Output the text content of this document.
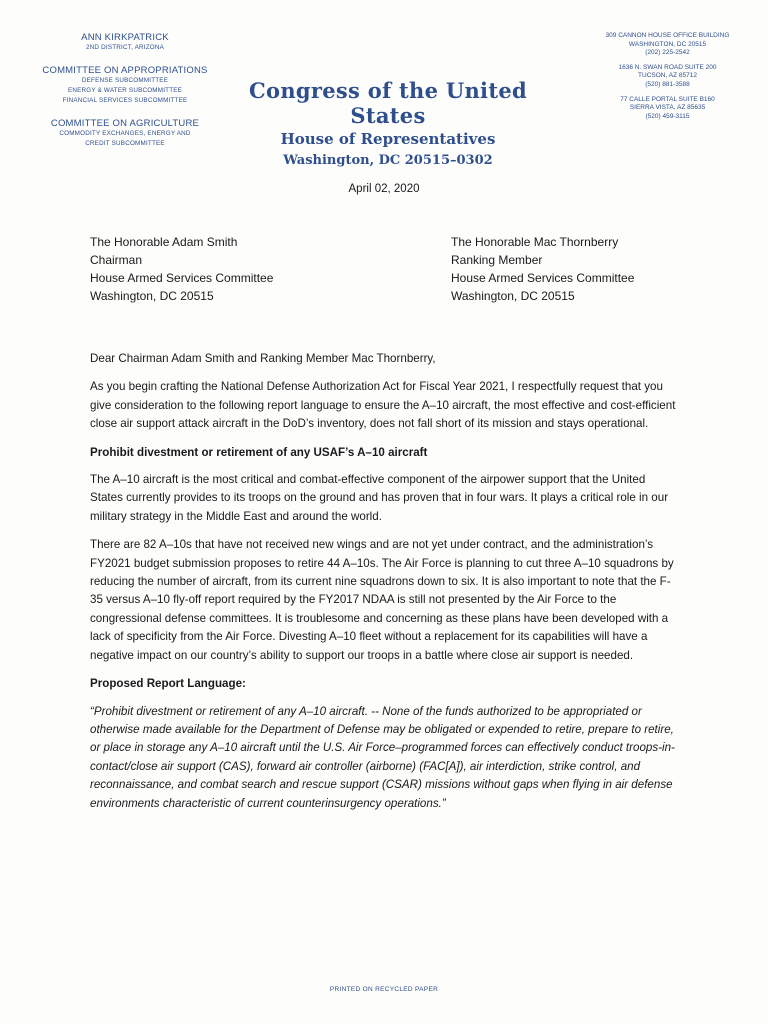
ANN KIRKPATRICK
2ND DISTRICT, ARIZONA
COMMITTEE ON APPROPRIATIONS
DEFENSE SUBCOMMITTEE
ENERGY & WATER SUBCOMMITTEE
FINANCIAL SERVICES SUBCOMMITTEE
COMMITTEE ON AGRICULTURE
COMMODITY EXCHANGES, ENERGY AND
CREDIT SUBCOMMITTEE
Congress of the United States
House of Representatives
Washington, DC 20515–0302
309 CANNON HOUSE OFFICE BUILDING
WASHINGTON, DC 20515
(202) 225-2542
1636 N. SWAN ROAD SUITE 200
TUCSON, AZ 85712
(520) 881-3588
77 CALLE PORTAL SUITE B160
SIERRA VISTA, AZ 85635
(520) 459-3115
April 02, 2020
The Honorable Adam Smith
Chairman
House Armed Services Committee
Washington, DC 20515
The Honorable Mac Thornberry
Ranking Member
House Armed Services Committee
Washington, DC 20515

Dear Chairman Adam Smith and Ranking Member Mac Thornberry,

As you begin crafting the National Defense Authorization Act for Fiscal Year 2021, I respectfully request that you give consideration to the following report language to ensure the A–10 aircraft, the most effective and cost-efficient close air support attack aircraft in the DoD’s inventory, does not fall short of its mission and stays operational.

Prohibit divestment or retirement of any USAF’s A–10 aircraft

The A–10 aircraft is the most critical and combat-effective component of the airpower support that the United States currently provides to its troops on the ground and has proven that in four wars. It plays a critical role in our military strategy in the Middle East and around the world.

There are 82 A–10s that have not received new wings and are not yet under contract, and the administration’s FY2021 budget submission proposes to retire 44 A–10s. The Air Force is planning to cut three A–10 squadrons by reducing the number of aircraft, from its current nine squadrons down to six. It is also important to note that the F-35 versus A–10 fly-off report required by the FY2017 NDAA is still not presented by the Air Force to the congressional defense committees. It is troublesome and concerning as these plans have been developed with a lack of specificity from the Air Force. Divesting A–10 fleet without a replacement for its capabilities will have a negative impact on our country’s ability to support our troops in a battle where close air support is needed.

Proposed Report Language:

“Prohibit divestment or retirement of any A–10 aircraft. -- None of the funds authorized to be appropriated or otherwise made available for the Department of Defense may be obligated or expended to retire, prepare to retire, or place in storage any A–10 aircraft until the U.S. Air Force–programmed forces can effectively conduct troops-in-contact/close air support (CAS), forward air controller (airborne) (FAC[A]), air interdiction, strike control, and reconnaissance, and combat search and rescue support (CSAR) missions without gaps when flying in air defense environments characteristic of current counterinsurgency operations.”

PRINTED ON RECYCLED PAPER
